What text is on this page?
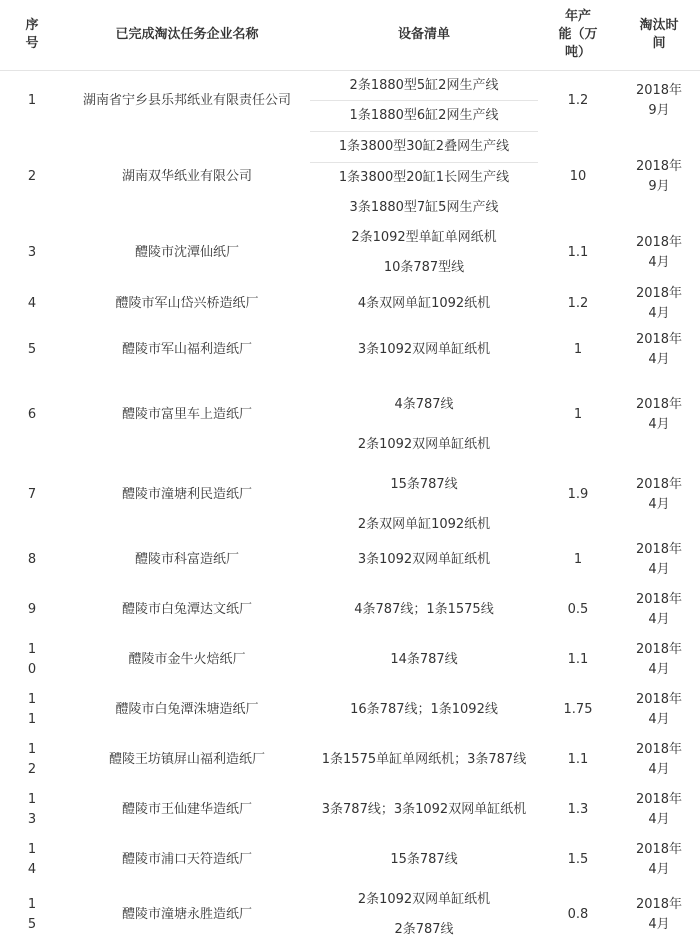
序
号	已完成淘汰任务企业名称	设备清单	年产
能（万
吨）	淘汰时
间

1	湖南省宁乡县乐邦纸业有限责任公司	2条1880型5缸2网生产线	1.2	2018年
9月

		1条1880型6缸2网生产线		

2	湖南双华纸业有限公司	1条3800型30缸2叠网生产线	10	2018年
9月

		1条3800型20缸1长网生产线		
		3条1880型7缸5网生产线		

3	醴陵市沈潭仙纸厂	2条1092型单缸单网纸机	1.1	2018年
4月

		10条787型线		

4	醴陵市军山岱兴桥造纸厂	4条双网单缸1092纸机	1.2	2018年
4月

5	醴陵市军山福利造纸厂	3条1092双网单缸纸机	1	2018年
4月

6	醴陵市富里车上造纸厂	4条787线	1	2018年
4月

		2条1092双网单缸纸机		

7	醴陵市潼塘利民造纸厂	15条787线	1.9	2018年
4月

		2条双网单缸1092纸机		

8	醴陵市科富造纸厂	3条1092双网单缸纸机	1	2018年
4月

9	醴陵市白兔潭达文纸厂	4条787线；1条1575线	0.5	2018年
4月

1
0	醴陵市金牛火焙纸厂	14条787线	1.1	2018年
4月

1
1	醴陵市白兔潭洙塘造纸厂	16条787线；1条1092线	1.75	2018年
4月

1
2	醴陵王坊镇屏山福利造纸厂	1条1575单缸单网纸机；3条787线	1.1	2018年
4月

1
3	醴陵市王仙建华造纸厂	3条787线；3条1092双网单缸纸机	1.3	2018年
4月

1
4	醴陵市浦口天符造纸厂	15条787线	1.5	2018年
4月

1
5	醴陵市潼塘永胜造纸厂	2条1092双网单缸纸机	0.8	2018年
4月

		2条787线		
